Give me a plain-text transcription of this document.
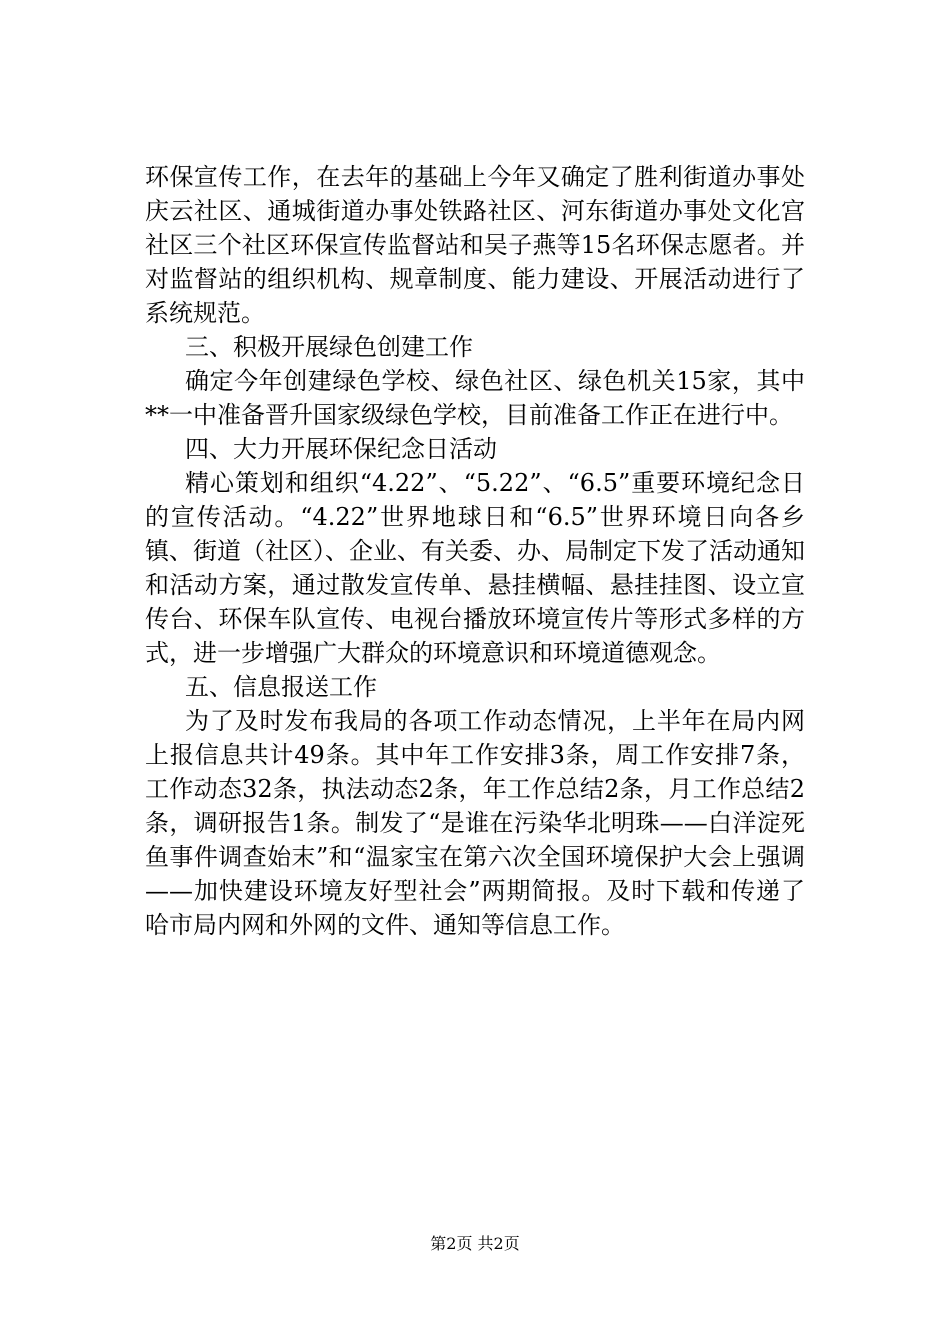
环保宣传工作，在去年的基础上今年又确定了胜利街道办事处庆云社区、通城街道办事处铁路社区、河东街道办事处文化宫社区三个社区环保宣传监督站和吴子燕等15名环保志愿者。并对监督站的组织机构、规章制度、能力建设、开展活动进行了系统规范。

三、积极开展绿色创建工作

确定今年创建绿色学校、绿色社区、绿色机关15家，其中**一中准备晋升国家级绿色学校，目前准备工作正在进行中。

四、大力开展环保纪念日活动

精心策划和组织“4.22”、“5.22”、“6.5”重要环境纪念日的宣传活动。“4.22”世界地球日和“6.5”世界环境日向各乡镇、街道（社区）、企业、有关委、办、局制定下发了活动通知和活动方案，通过散发宣传单、悬挂横幅、悬挂挂图、设立宣传台、环保车队宣传、电视台播放环境宣传片等形式多样的方式，进一步增强广大群众的环境意识和环境道德观念。

五、信息报送工作

为了及时发布我局的各项工作动态情况，上半年在局内网上报信息共计49条。其中年工作安排3条，周工作安排7条，工作动态32条，执法动态2条，年工作总结2条，月工作总结2条，调研报告1条。制发了“是谁在污染华北明珠——白洋淀死鱼事件调查始末”和“温家宝在第六次全国环境保护大会上强调——加快建设环境友好型社会”两期简报。及时下载和传递了哈市局内网和外网的文件、通知等信息工作。

第2页 共2页
